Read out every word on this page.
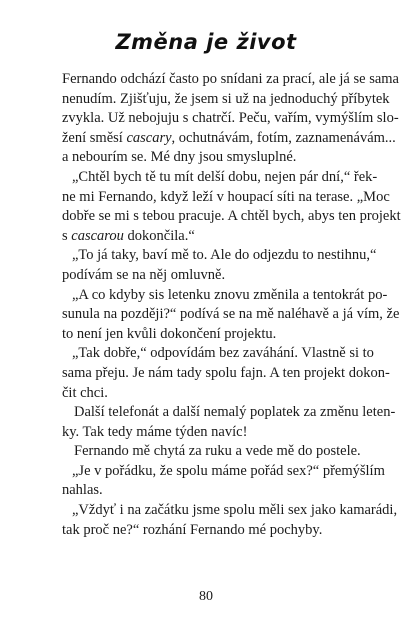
Změna je život
Fernando odchází často po snídani za prací, ale já se sama
nenudím. Zjišťuju, že jsem si už na jednoduchý příbytek
zvykla. Už nebojuju s chatrčí. Peču, vařím, vymýšlím slo-
žení směsí cascary, ochutnávám, fotím, zaznamenávám...
a nebourím se. Mé dny jsou smysluplné.
„Chtěl bych tě tu mít delší dobu, nejen pár dní,“ řek-
ne mi Fernando, když leží v houpací síti na terase. „Moc
dobře se mi s tebou pracuje. A chtěl bych, abys ten projekt
s cascarou dokončila.“
„To já taky, baví mě to. Ale do odjezdu to nestihnu,“
podívám se na něj omluvně.
„A co kdyby sis letenku znovu změnila a tentokrát po-
sunula na později?“ podívá se na mě naléhavě a já vím, že
to není jen kvůli dokončení projektu.
„Tak dobře,“ odpovídám bez zaváhání. Vlastně si to
sama přeju. Je nám tady spolu fajn. A ten projekt dokon-
čit chci.
Další telefonát a další nemalý poplatek za změnu leten-
ky. Tak tedy máme týden navíc!
Fernando mě chytá za ruku a vede mě do postele.
„Je v pořádku, že spolu máme pořád sex?“ přemýšlím
nahlas.
„Vždyť i na začátku jsme spolu měli sex jako kamarádi,
tak proč ne?“ rozhání Fernando mé pochyby.
80
